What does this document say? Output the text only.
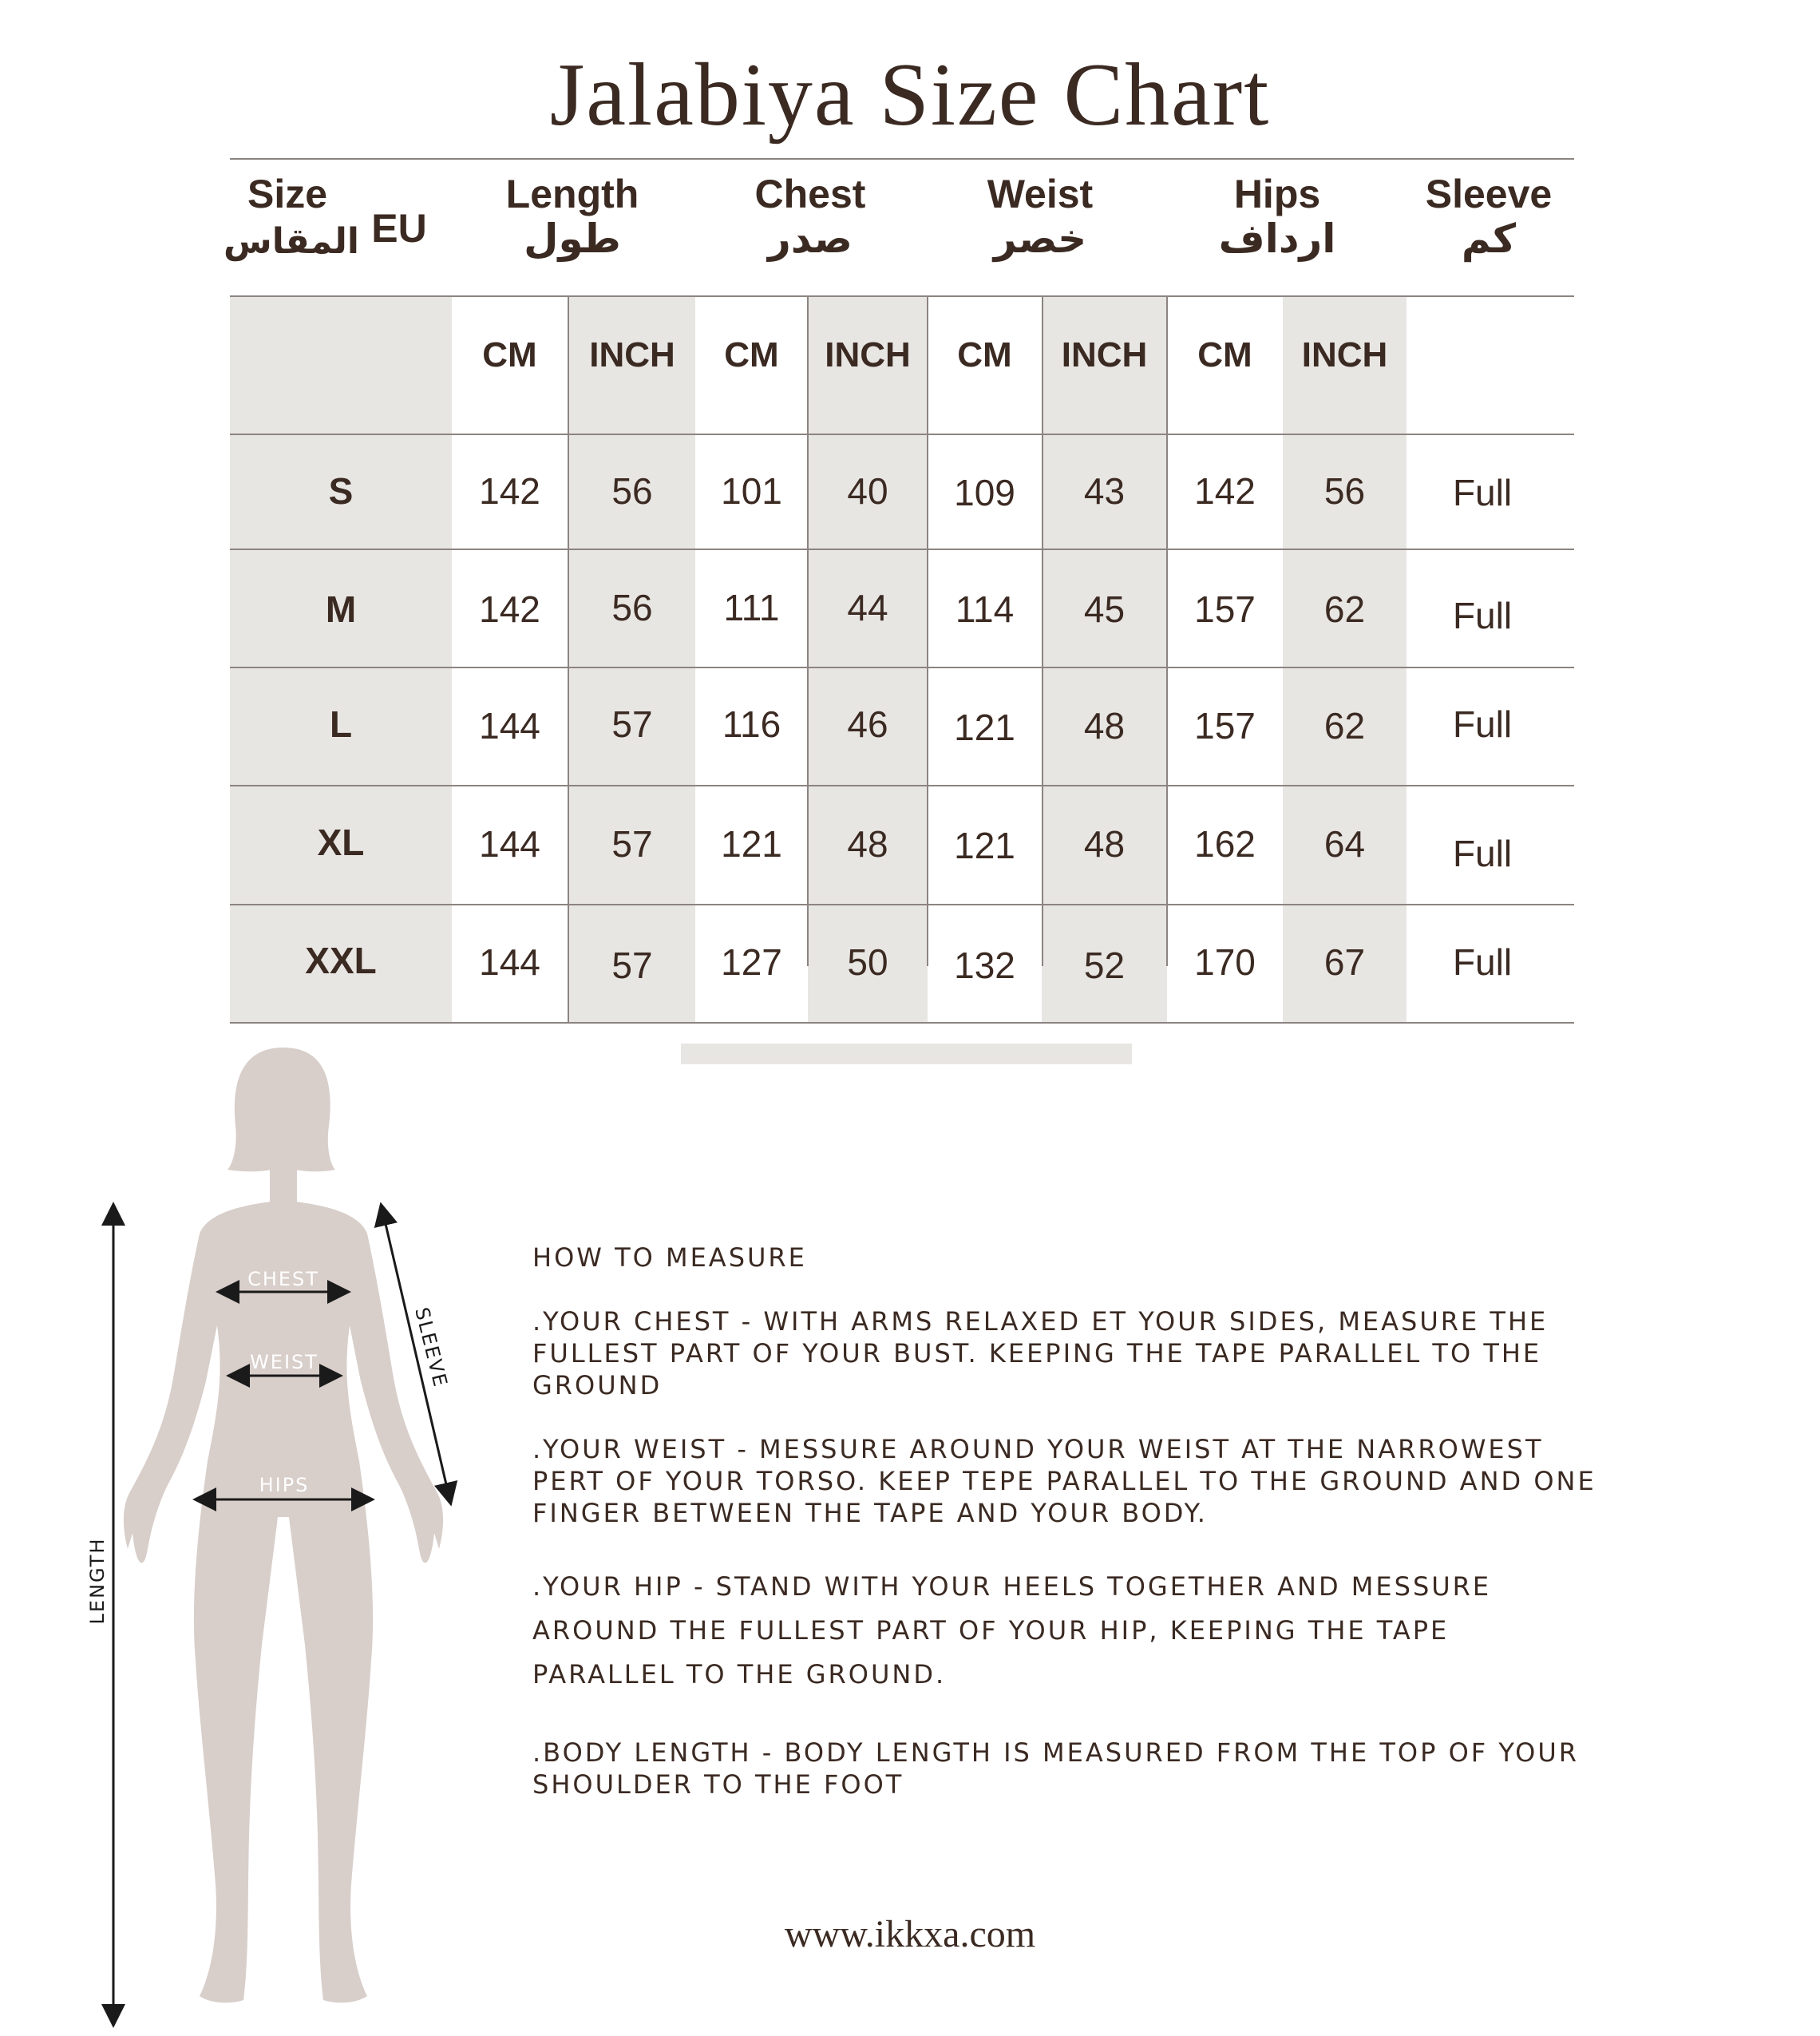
Jalabiya Size Chart
Size
المقاس EU
Length
طول
Chest
صدر
Weist
خصر
Hips
ارداف
Sleeve
كم
CM	INCH	CM	INCH	CM	INCH	CM	INCH
S	142	56	101	40	109	43	142	56	Full
M	142	56	111	44	114	45	157	62	Full
L	144	57	116	46	121	48	157	62	Full
XL	144	57	121	48	121	48	162	64	Full
XXL	144	57	127	50	132	52	170	67	Full
CHEST
WEIST
HIPS
SLEEVE
LENGTH

HOW TO MEASURE

.YOUR CHEST - WITH ARMS RELAXED ET YOUR SIDES, MEASURE THE FULLEST PART OF YOUR BUST. KEEPING THE TAPE PARALLEL TO THE GROUND

.YOUR WEIST - MESSURE AROUND YOUR WEIST AT THE NARROWEST PERT OF YOUR TORSO. KEEP TEPE PARALLEL TO THE GROUND AND ONE FINGER BETWEEN THE TAPE AND YOUR BODY.

.YOUR HIP - STAND WITH YOUR HEELS TOGETHER AND MESSURE AROUND THE FULLEST PART OF YOUR HIP, KEEPING THE TAPE PARALLEL TO THE GROUND.

.BODY LENGTH - BODY LENGTH IS MEASURED FROM THE TOP OF YOUR SHOULDER TO THE FOOT

www.ikkxa.com
